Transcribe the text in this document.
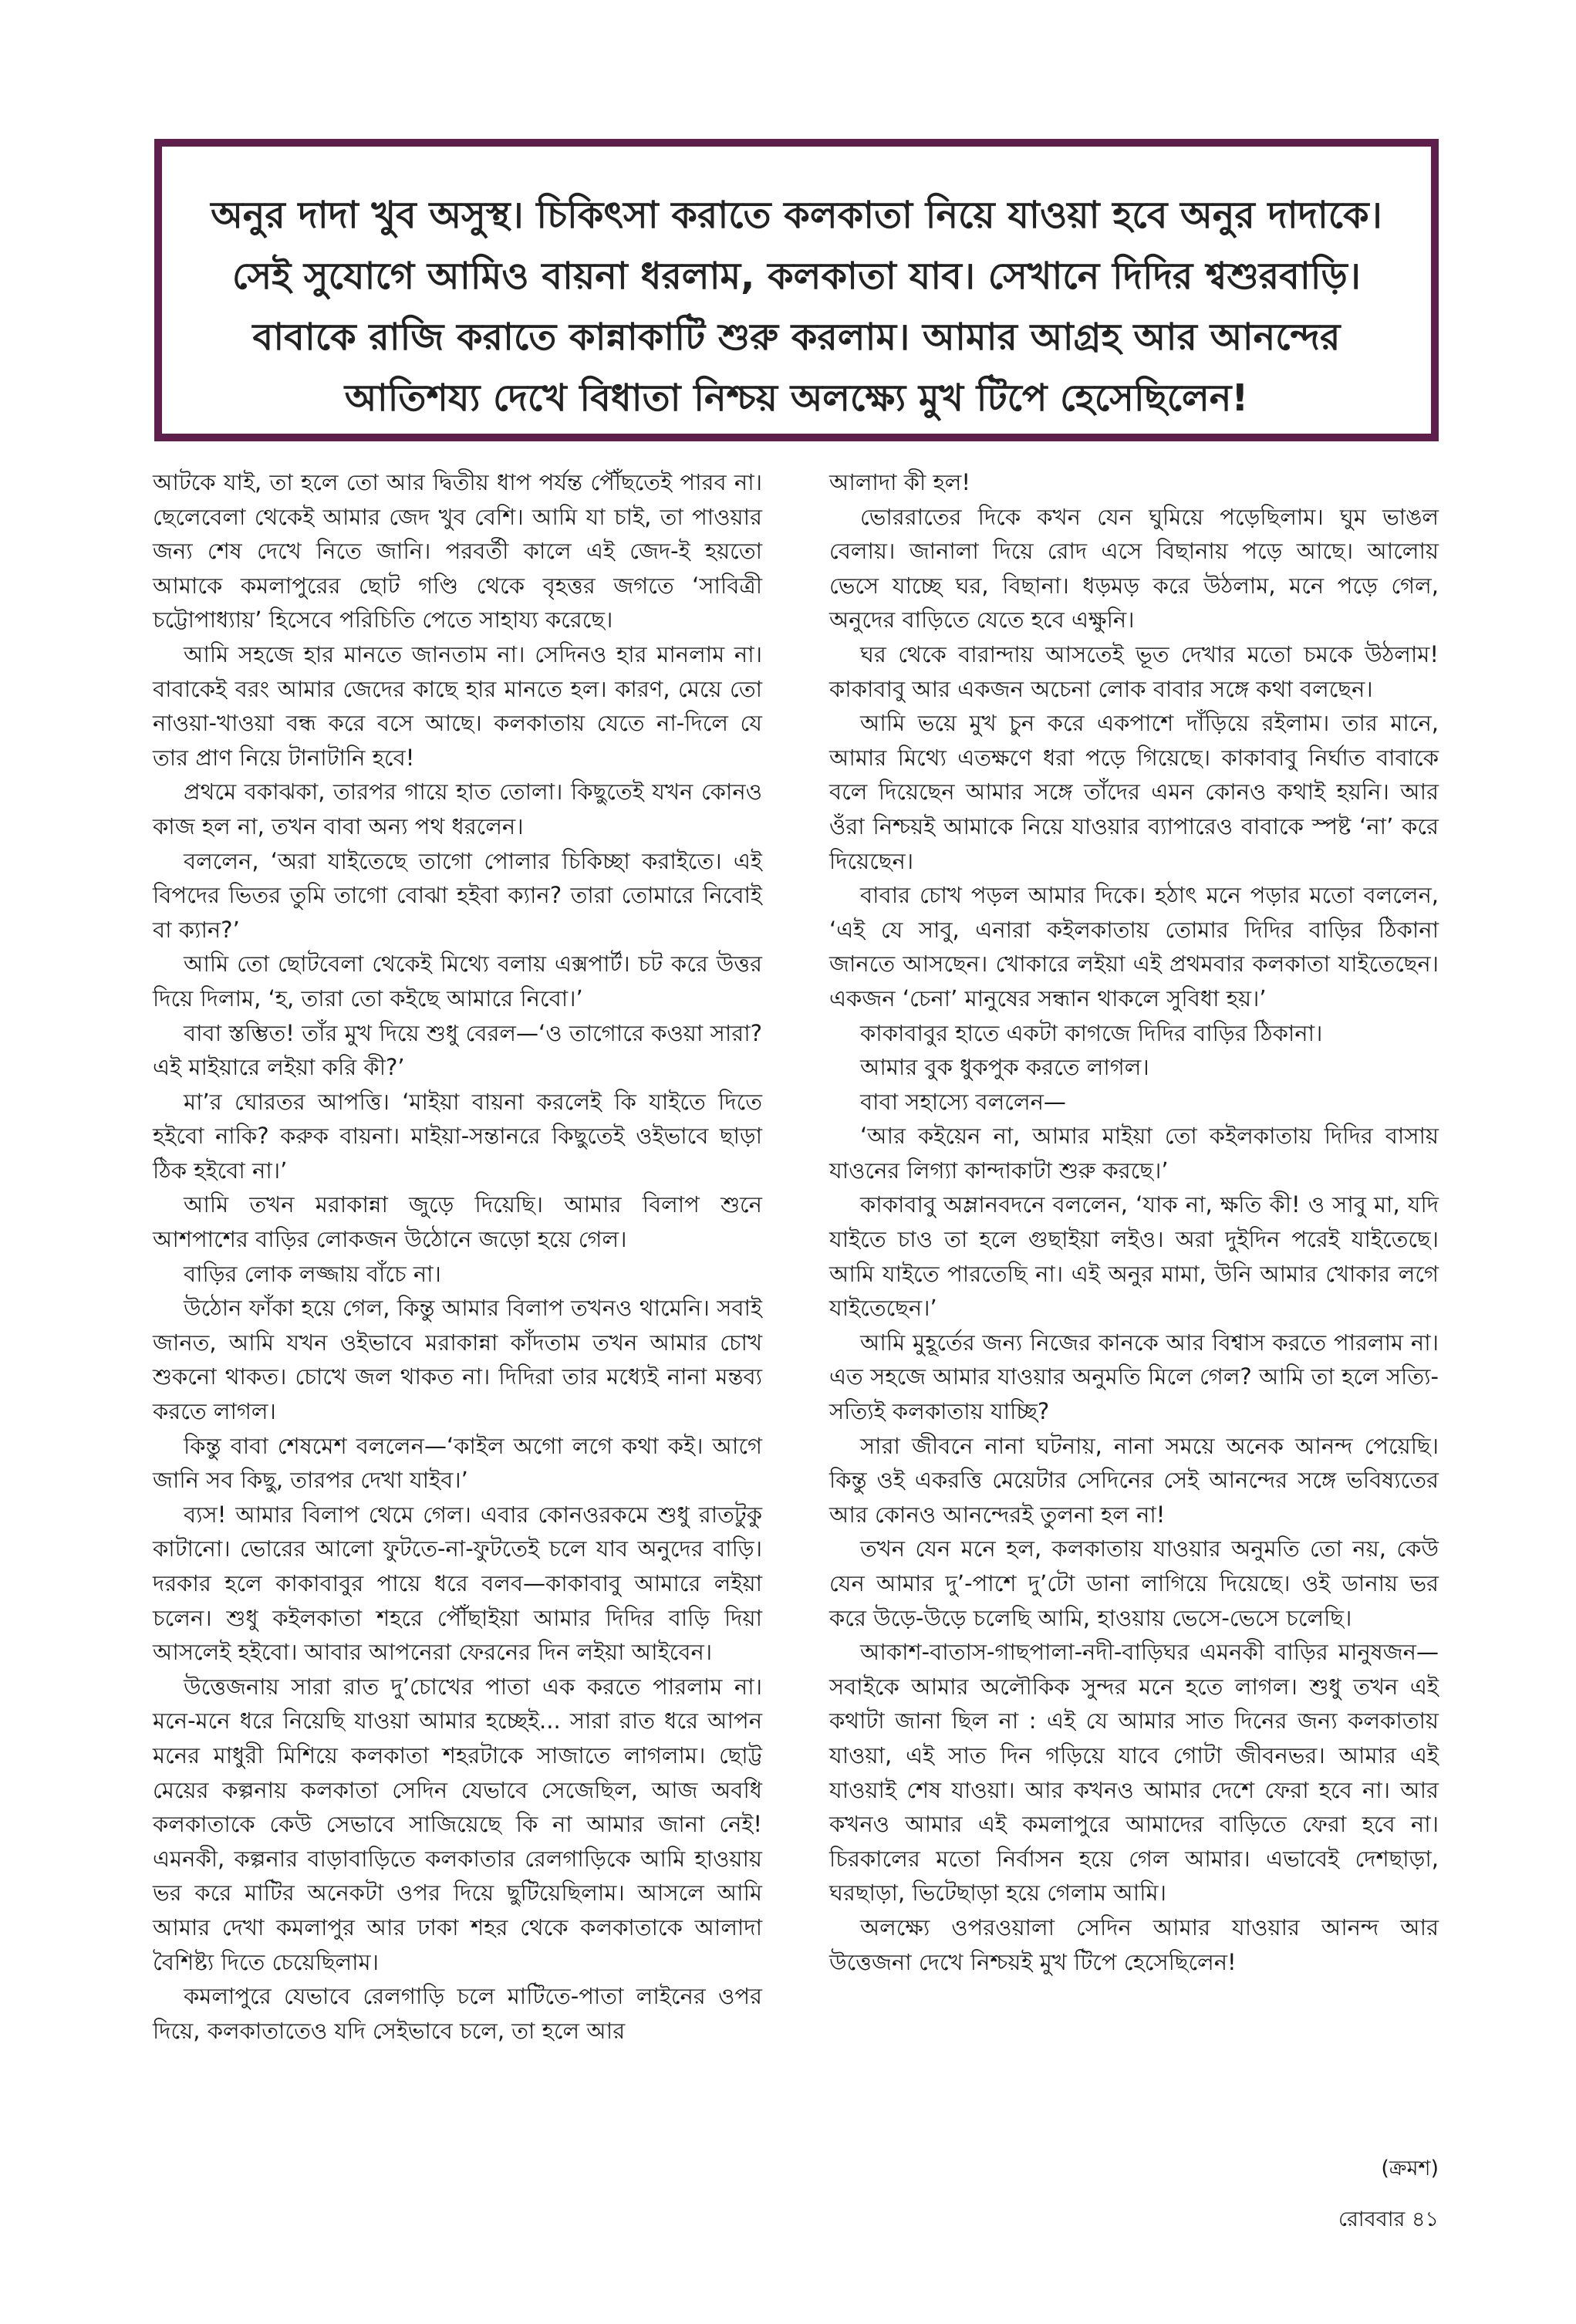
অনুর দাদা খুব অসুস্থ। চিকিৎসা করাতে কলকাতা নিয়ে যাওয়া হবে অনুর দাদাকে। সেই সুযোগে আমিও বায়না ধরলাম, কলকাতা যাব। সেখানে দিদির শ্বশুরবাড়ি। বাবাকে রাজি করাতে কান্নাকাটি শুরু করলাম। আমার আগ্রহ আর আনন্দের আতিশয্য দেখে বিধাতা নিশ্চয় অলক্ষ্যে মুখ টিপে হেসেছিলেন!

আটকে যাই, তা হলে তো আর দ্বিতীয় ধাপ পর্যন্ত পৌঁছতেই পারব না। ছেলেবেলা থেকেই আমার জেদ খুব বেশি। আমি যা চাই, তা পাওয়ার জন্য শেষ দেখে নিতে জানি। পরবর্তী কালে এই জেদ-ই হয়তো আমাকে কমলাপুরের ছোট গণ্ডি থেকে বৃহত্তর জগতে ‘সাবিত্রী চট্টোপাধ্যায়’ হিসেবে পরিচিতি পেতে সাহায্য করেছে।

আমি সহজে হার মানতে জানতাম না। সেদিনও হার মানলাম না। বাবাকেই বরং আমার জেদের কাছে হার মানতে হল। কারণ, মেয়ে তো নাওয়া-খাওয়া বন্ধ করে বসে আছে। কলকাতায় যেতে না-দিলে যে তার প্রাণ নিয়ে টানাটানি হবে!

প্রথমে বকাঝকা, তারপর গায়ে হাত তোলা। কিছুতেই যখন কোনও কাজ হল না, তখন বাবা অন্য পথ ধরলেন।

বললেন, ‘অরা যাইতেছে তাগো পোলার চিকিচ্ছা করাইতে। এই বিপদের ভিতর তুমি তাগো বোঝা হইবা ক্যান? তারা তোমারে নিবোই বা ক্যান?’

আমি তো ছোটবেলা থেকেই মিথ্যে বলায় এক্সপার্ট। চট করে উত্তর দিয়ে দিলাম, ‘হ, তারা তো কইছে আমারে নিবো।’

বাবা স্তম্ভিত! তাঁর মুখ দিয়ে শুধু বেরল—‘ও তাগোরে কওয়া সারা? এই মাইয়ারে লইয়া করি কী?’

মা’র ঘোরতর আপত্তি। ‘মাইয়া বায়না করলেই কি যাইতে দিতে হইবো নাকি? করুক বায়না। মাইয়া-সন্তানরে কিছুতেই ওইভাবে ছাড়া ঠিক হইবো না।’

আমি তখন মরাকান্না জুড়ে দিয়েছি। আমার বিলাপ শুনে আশপাশের বাড়ির লোকজন উঠোনে জড়ো হয়ে গেল।

বাড়ির লোক লজ্জায় বাঁচে না।

উঠোন ফাঁকা হয়ে গেল, কিন্তু আমার বিলাপ তখনও থামেনি। সবাই জানত, আমি যখন ওইভাবে মরাকান্না কাঁদতাম তখন আমার চোখ শুকনো থাকত। চোখে জল থাকত না। দিদিরা তার মধ্যেই নানা মন্তব্য করতে লাগল।

কিন্তু বাবা শেষমেশ বললেন—‘কাইল অগো লগে কথা কই। আগে জানি সব কিছু, তারপর দেখা যাইব।’

ব্যস! আমার বিলাপ থেমে গেল। এবার কোনওরকমে শুধু রাতটুকু কাটানো। ভোরের আলো ফুটতে-না-ফুটতেই চলে যাব অনুদের বাড়ি। দরকার হলে কাকাবাবুর পায়ে ধরে বলব—কাকাবাবু আমারে লইয়া চলেন। শুধু কইলকাতা শহরে পৌঁছাইয়া আমার দিদির বাড়ি দিয়া আসলেই হইবো। আবার আপনেরা ফেরনের দিন লইয়া আইবেন।

উত্তেজনায় সারা রাত দু’চোখের পাতা এক করতে পারলাম না। মনে-মনে ধরে নিয়েছি যাওয়া আমার হচ্ছেই... সারা রাত ধরে আপন মনের মাধুরী মিশিয়ে কলকাতা শহরটাকে সাজাতে লাগলাম। ছোট্ট মেয়ের কল্পনায় কলকাতা সেদিন যেভাবে সেজেছিল, আজ অবধি কলকাতাকে কেউ সেভাবে সাজিয়েছে কি না আমার জানা নেই! এমনকী, কল্পনার বাড়াবাড়িতে কলকাতার রেলগাড়িকে আমি হাওয়ায় ভর করে মাটির অনেকটা ওপর দিয়ে ছুটিয়েছিলাম। আসলে আমি আমার দেখা কমলাপুর আর ঢাকা শহর থেকে কলকাতাকে আলাদা বৈশিষ্ট্য দিতে চেয়েছিলাম।

কমলাপুরে যেভাবে রেলগাড়ি চলে মাটিতে-পাতা লাইনের ওপর দিয়ে, কলকাতাতেও যদি সেইভাবে চলে, তা হলে আর

আলাদা কী হল!

ভোররাতের দিকে কখন যেন ঘুমিয়ে পড়েছিলাম। ঘুম ভাঙল বেলায়। জানালা দিয়ে রোদ এসে বিছানায় পড়ে আছে। আলোয় ভেসে যাচ্ছে ঘর, বিছানা। ধড়মড় করে উঠলাম, মনে পড়ে গেল, অনুদের বাড়িতে যেতে হবে এক্ষুনি।

ঘর থেকে বারান্দায় আসতেই ভূত দেখার মতো চমকে উঠলাম! কাকাবাবু আর একজন অচেনা লোক বাবার সঙ্গে কথা বলছেন।

আমি ভয়ে মুখ চুন করে একপাশে দাঁড়িয়ে রইলাম। তার মানে, আমার মিথ্যে এতক্ষণে ধরা পড়ে গিয়েছে। কাকাবাবু নির্ঘাত বাবাকে বলে দিয়েছেন আমার সঙ্গে তাঁদের এমন কোনও কথাই হয়নি। আর ওঁরা নিশ্চয়ই আমাকে নিয়ে যাওয়ার ব্যাপারেও বাবাকে স্পষ্ট ‘না’ করে দিয়েছেন।

বাবার চোখ পড়ল আমার দিকে। হঠাৎ মনে পড়ার মতো বললেন, ‘এই যে সাবু, এনারা কইলকাতায় তোমার দিদির বাড়ির ঠিকানা জানতে আসছেন। খোকারে লইয়া এই প্রথমবার কলকাতা যাইতেছেন। একজন ‘চেনা’ মানুষের সন্ধান থাকলে সুবিধা হয়।’

কাকাবাবুর হাতে একটা কাগজে দিদির বাড়ির ঠিকানা।

আমার বুক ধুকপুক করতে লাগল।

বাবা সহাস্যে বললেন—

‘আর কইয়েন না, আমার মাইয়া তো কইলকাতায় দিদির বাসায় যাওনের লিগ্যা কান্দাকাটা শুরু করছে।’

কাকাবাবু অম্লানবদনে বললেন, ‘যাক না, ক্ষতি কী! ও সাবু মা, যদি যাইতে চাও তা হলে গুছাইয়া লইও। অরা দুইদিন পরেই যাইতেছে। আমি যাইতে পারতেছি না। এই অনুর মামা, উনি আমার খোকার লগে যাইতেছেন।’

আমি মুহূর্তের জন্য নিজের কানকে আর বিশ্বাস করতে পারলাম না। এত সহজে আমার যাওয়ার অনুমতি মিলে গেল? আমি তা হলে সত্যি-সত্যিই কলকাতায় যাচ্ছি?

সারা জীবনে নানা ঘটনায়, নানা সময়ে অনেক আনন্দ পেয়েছি। কিন্তু ওই একরত্তি মেয়েটার সেদিনের সেই আনন্দের সঙ্গে ভবিষ্যতের আর কোনও আনন্দেরই তুলনা হল না!

তখন যেন মনে হল, কলকাতায় যাওয়ার অনুমতি তো নয়, কেউ যেন আমার দু’-পাশে দু’টো ডানা লাগিয়ে দিয়েছে। ওই ডানায় ভর করে উড়ে-উড়ে চলেছি আমি, হাওয়ায় ভেসে-ভেসে চলেছি।

আকাশ-বাতাস-গাছপালা-নদী-বাড়িঘর এমনকী বাড়ির মানুষজন—সবাইকে আমার অলৌকিক সুন্দর মনে হতে লাগল। শুধু তখন এই কথাটা জানা ছিল না : এই যে আমার সাত দিনের জন্য কলকাতায় যাওয়া, এই সাত দিন গড়িয়ে যাবে গোটা জীবনভর। আমার এই যাওয়াই শেষ যাওয়া। আর কখনও আমার দেশে ফেরা হবে না। আর কখনও আমার এই কমলাপুরে আমাদের বাড়িতে ফেরা হবে না। চিরকালের মতো নির্বাসন হয়ে গেল আমার। এভাবেই দেশছাড়া, ঘরছাড়া, ভিটেছাড়া হয়ে গেলাম আমি।

অলক্ষ্যে ওপরওয়ালা সেদিন আমার যাওয়ার আনন্দ আর উত্তেজনা দেখে নিশ্চয়ই মুখ টিপে হেসেছিলেন!

(ক্রমশ)
রোববার ৪১
